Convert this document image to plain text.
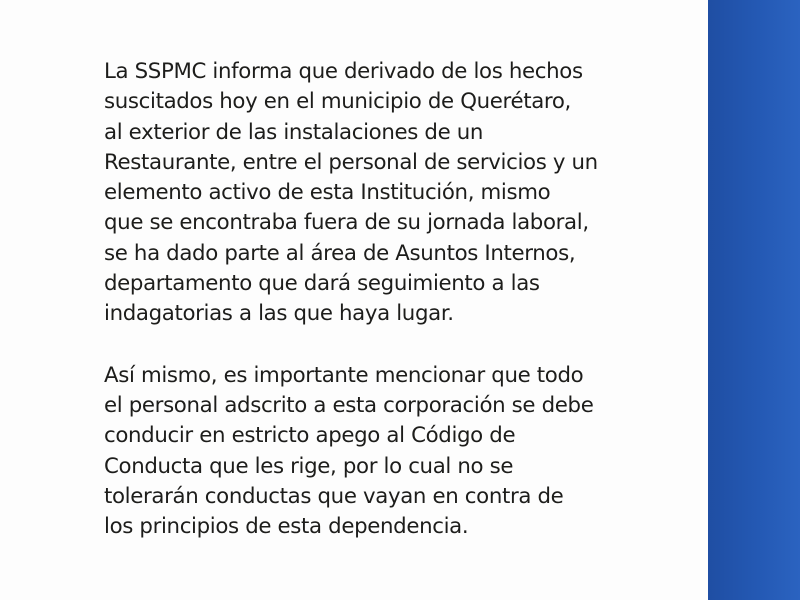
La SSPMC informa que derivado de los hechos
suscitados hoy en el municipio de Querétaro,
al exterior de las instalaciones de un
Restaurante, entre el personal de servicios y un
elemento activo de esta Institución, mismo
que se encontraba fuera de su jornada laboral,
se ha dado parte al área de Asuntos Internos,
departamento que dará seguimiento a las
indagatorias a las que haya lugar.

Así mismo, es importante mencionar que todo
el personal adscrito a esta corporación se debe
conducir en estricto apego al Código de
Conducta que les rige, por lo cual no se
tolerarán conductas que vayan en contra de
los principios de esta dependencia.
